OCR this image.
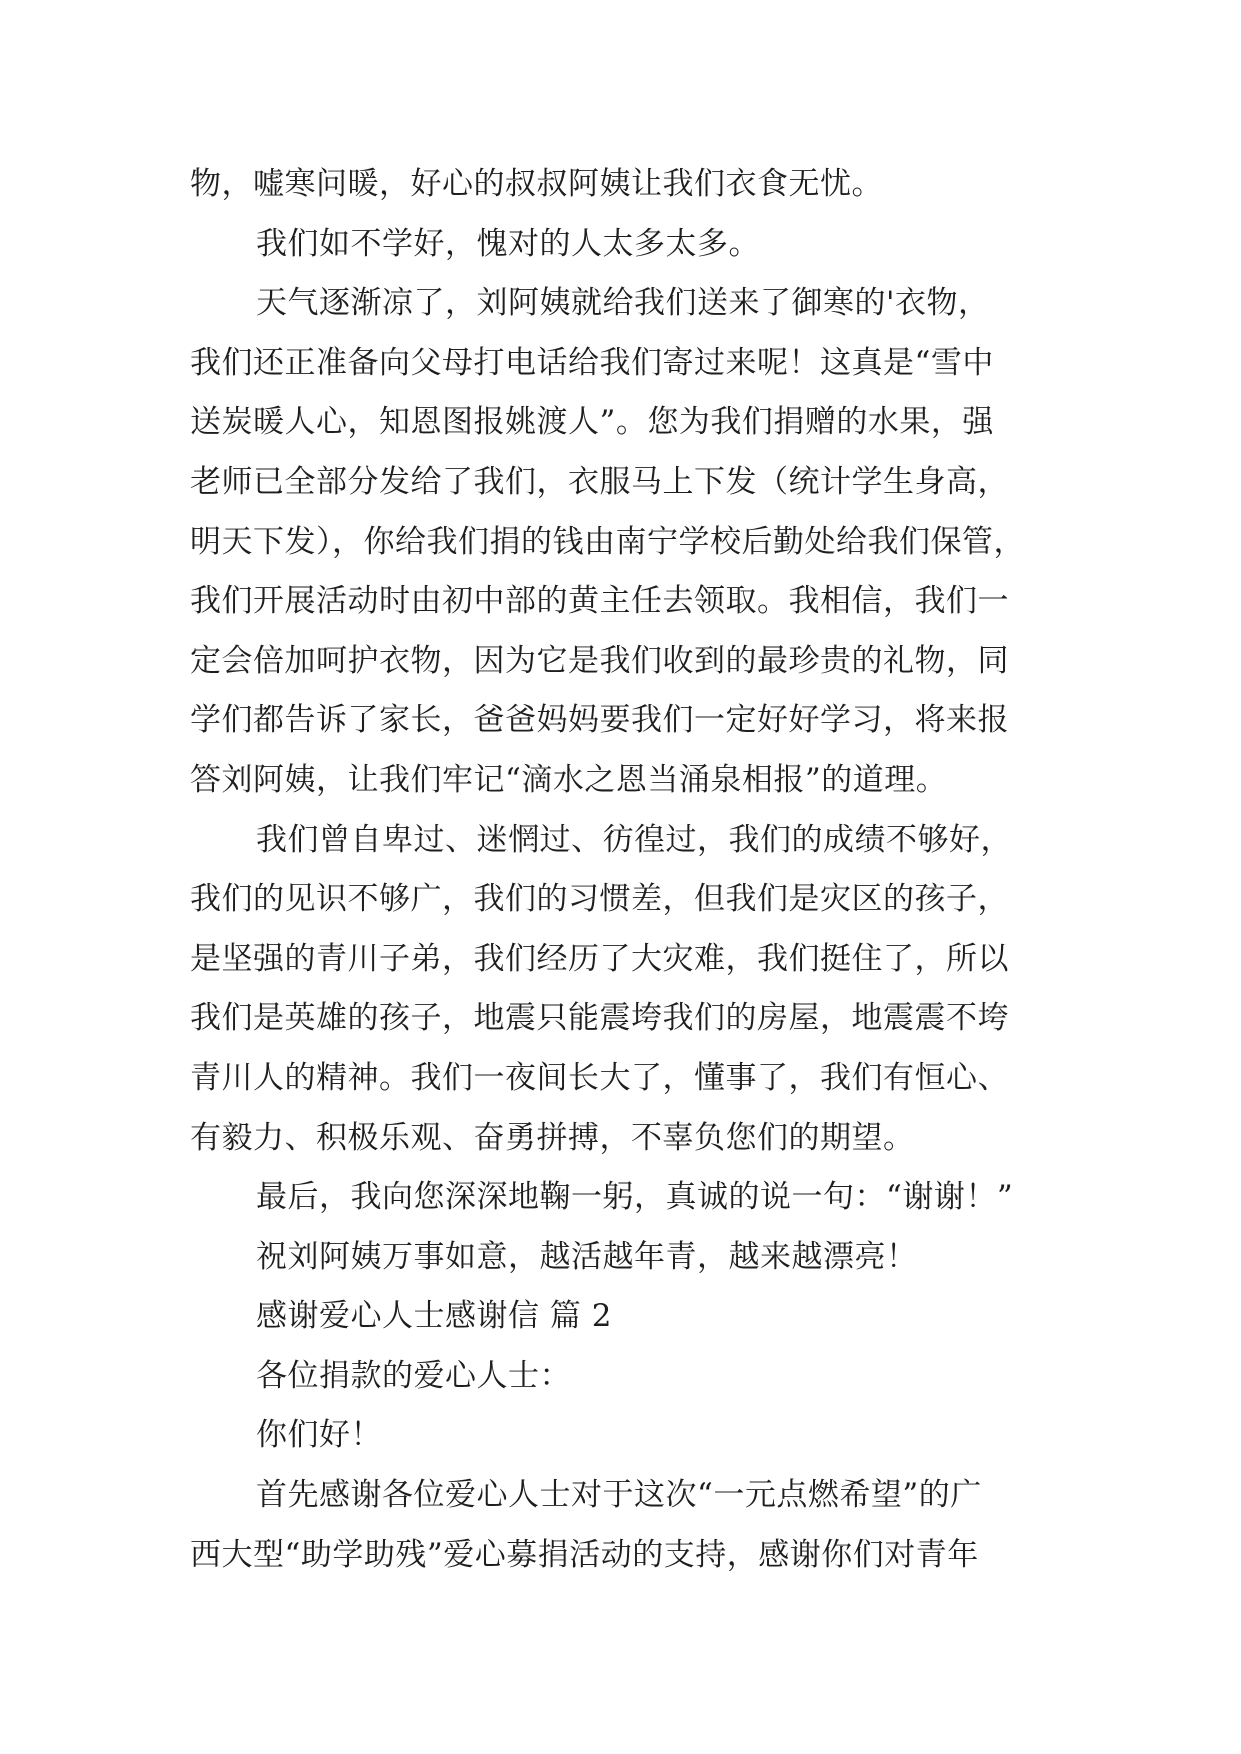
物，嘘寒问暖，好心的叔叔阿姨让我们衣食无忧。
我们如不学好，愧对的人太多太多。
天气逐渐凉了，刘阿姨就给我们送来了御寒的'衣物，
我们还正准备向父母打电话给我们寄过来呢！这真是“雪中
送炭暖人心，知恩图报姚渡人”。您为我们捐赠的水果，强
老师已全部分发给了我们，衣服马上下发（统计学生身高，
明天下发），你给我们捐的钱由南宁学校后勤处给我们保管，
我们开展活动时由初中部的黄主任去领取。我相信，我们一
定会倍加呵护衣物，因为它是我们收到的最珍贵的礼物，同
学们都告诉了家长，爸爸妈妈要我们一定好好学习，将来报
答刘阿姨，让我们牢记“滴水之恩当涌泉相报”的道理。
我们曾自卑过、迷惘过、彷徨过，我们的成绩不够好，
我们的见识不够广，我们的习惯差，但我们是灾区的孩子，
是坚强的青川子弟，我们经历了大灾难，我们挺住了，所以
我们是英雄的孩子，地震只能震垮我们的房屋，地震震不垮
青川人的精神。我们一夜间长大了，懂事了，我们有恒心、
有毅力、积极乐观、奋勇拼搏，不辜负您们的期望。
最后，我向您深深地鞠一躬，真诚的说一句：“谢谢！”
祝刘阿姨万事如意，越活越年青，越来越漂亮！
感谢爱心人士感谢信 篇 2
各位捐款的爱心人士：
你们好！
首先感谢各位爱心人士对于这次“一元点燃希望”的广
西大型“助学助残”爱心募捐活动的支持，感谢你们对青年
